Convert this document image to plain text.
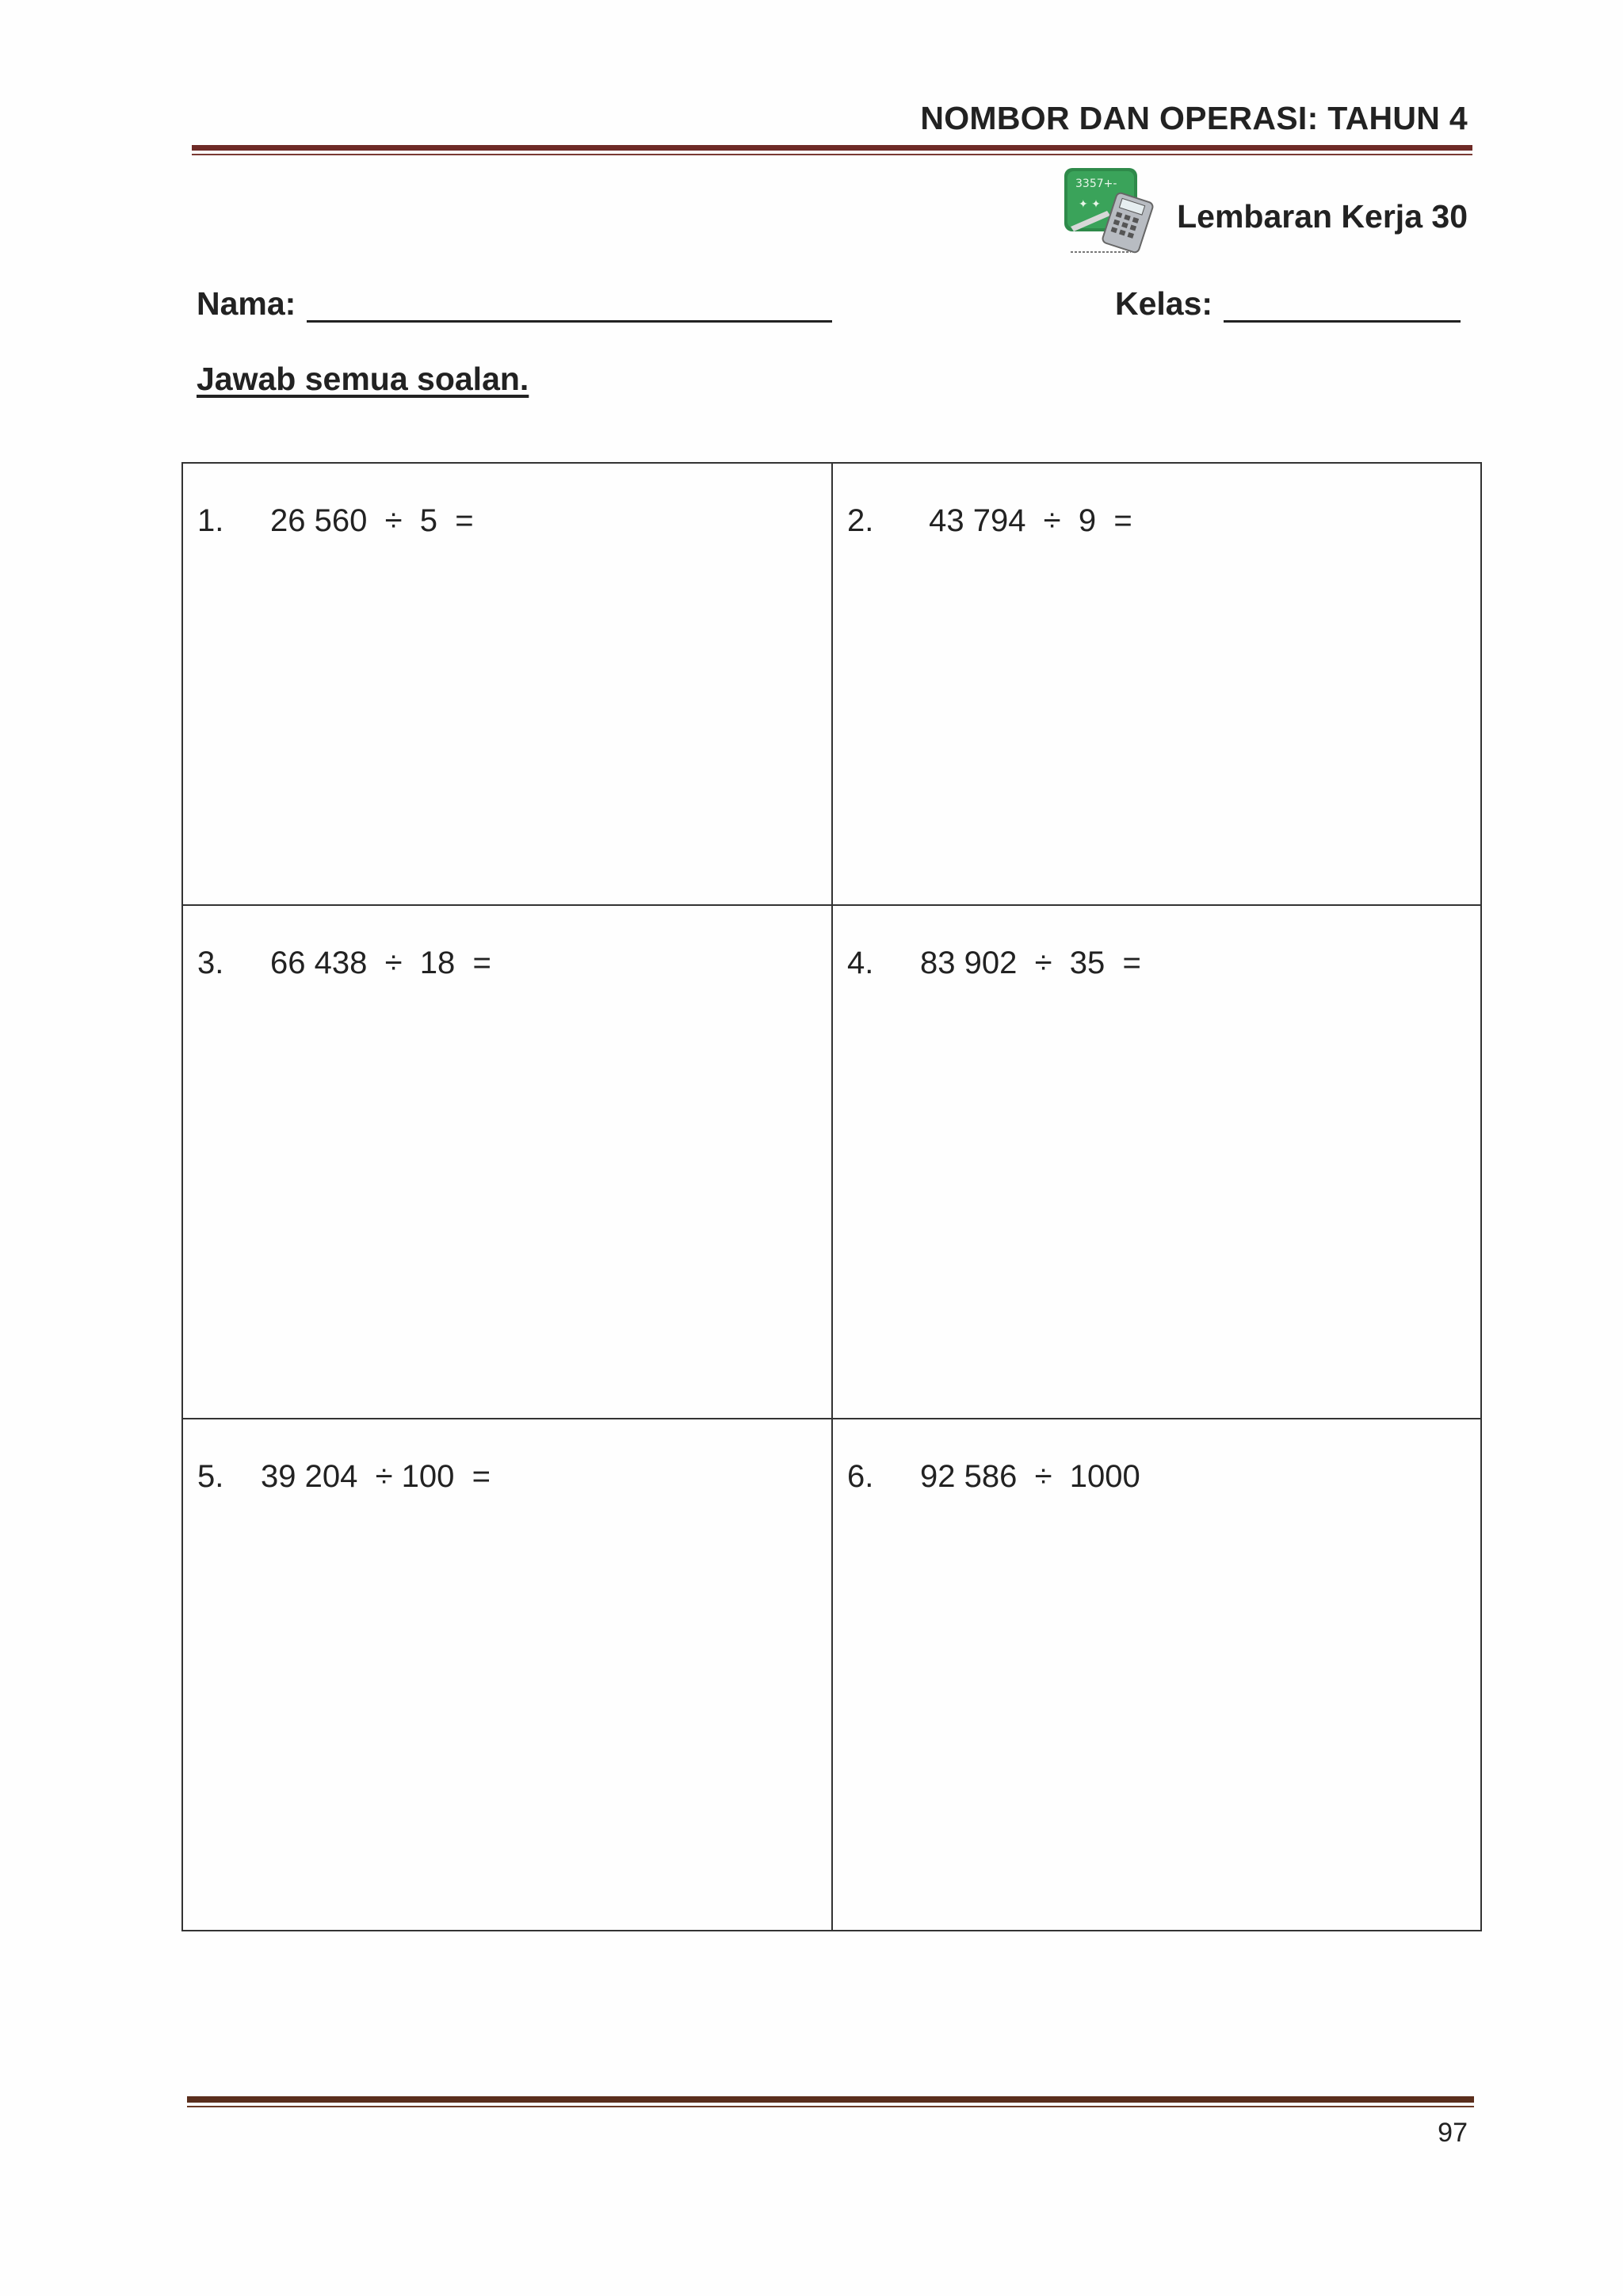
NOMBOR DAN OPERASI: TAHUN 4
3357+-
✦ ✦ Lembaran Kerja 30
Nama:	Kelas:
Jawab semua soalan.
1. 26 560  ÷  5  =	2. 43 794  ÷  9  =
3. 66 438  ÷  18  =	4. 83 902  ÷  35  =
5. 39 204  ÷ 100  =	6. 92 586  ÷  1000
97
